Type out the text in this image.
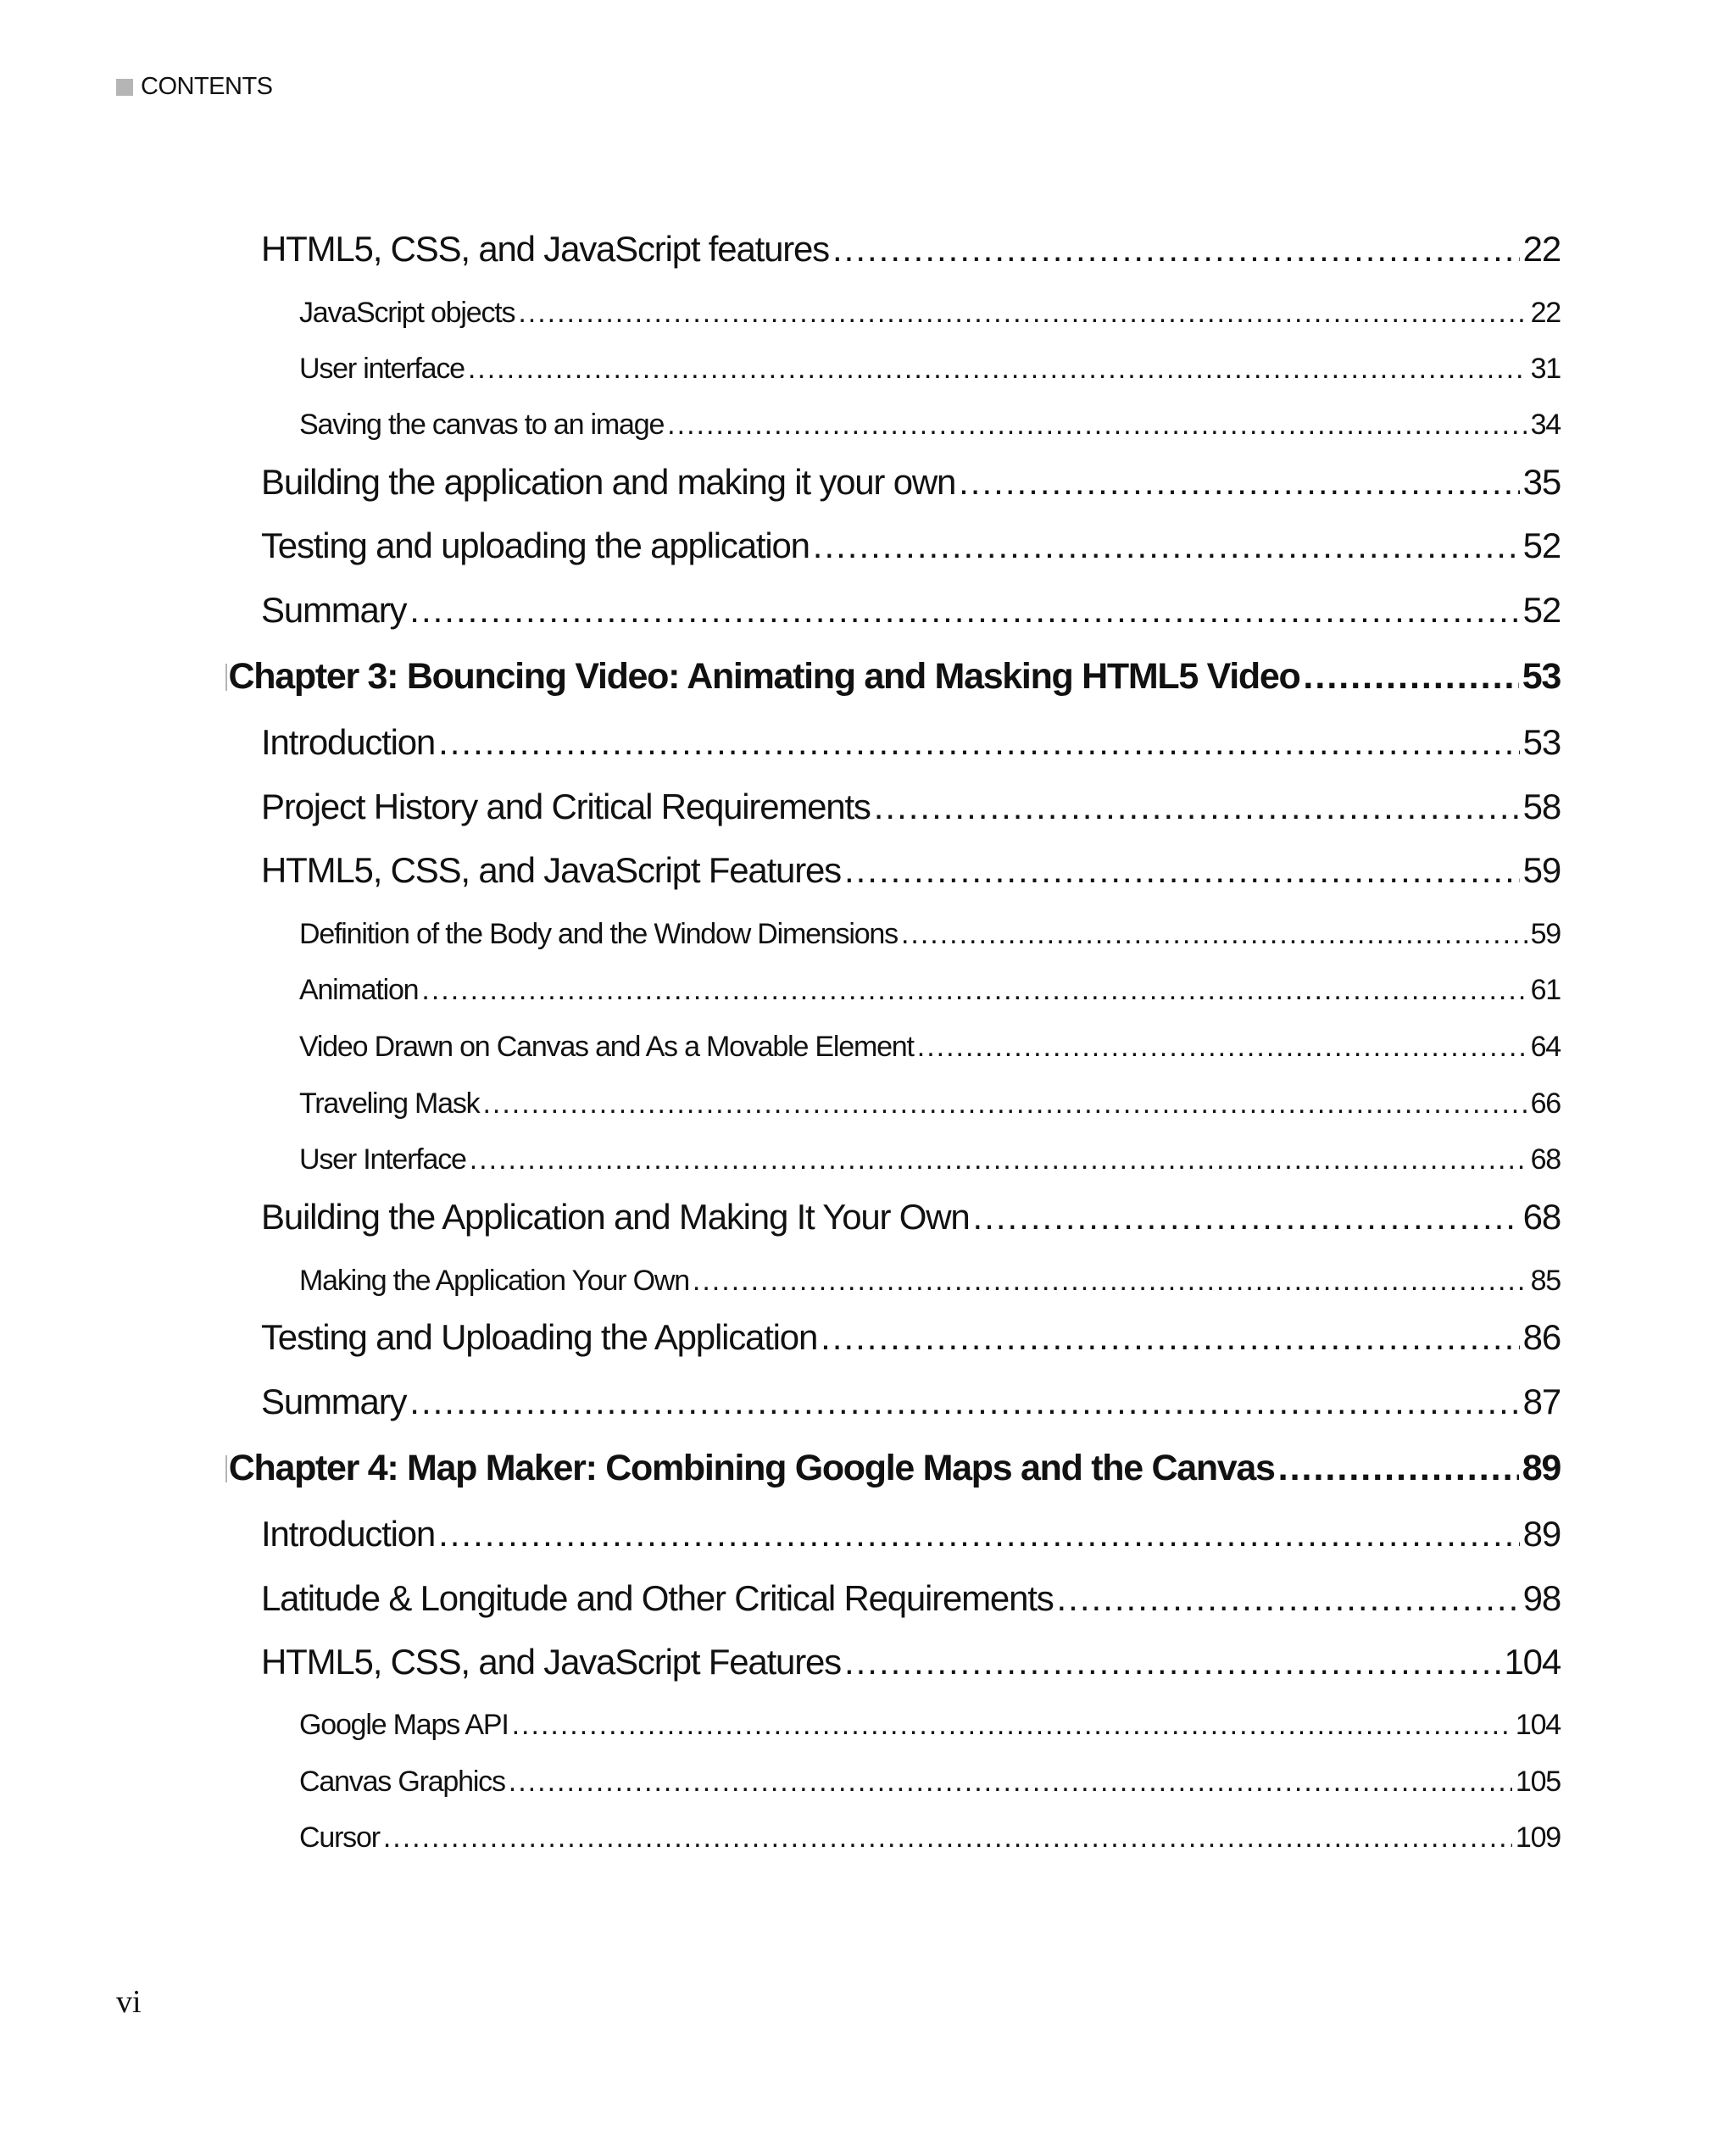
CONTENTS
HTML5, CSS, and JavaScript features .....	22
JavaScript objects .....	22
User interface .....	31
Saving the canvas to an image .....	34
Building the application and making it your own .....	35
Testing and uploading the application .....	52
Summary .....	52
Chapter 3: Bouncing Video: Animating and Masking HTML5 Video .....	53
Introduction .....	53
Project History and Critical Requirements .....	58
HTML5, CSS, and JavaScript Features .....	59
Definition of the Body and the Window Dimensions .....	59
Animation .....	61
Video Drawn on Canvas and As a Movable Element .....	64
Traveling Mask .....	66
User Interface .....	68
Building the Application and Making It Your Own .....	68
Making the Application Your Own .....	85
Testing and Uploading the Application .....	86
Summary .....	87
Chapter 4: Map Maker: Combining Google Maps and the Canvas .....	89
Introduction .....	89
Latitude & Longitude and Other Critical Requirements .....	98
HTML5, CSS, and JavaScript Features .....	104
Google Maps API .....	104
Canvas Graphics .....	105
Cursor .....	109
vi
